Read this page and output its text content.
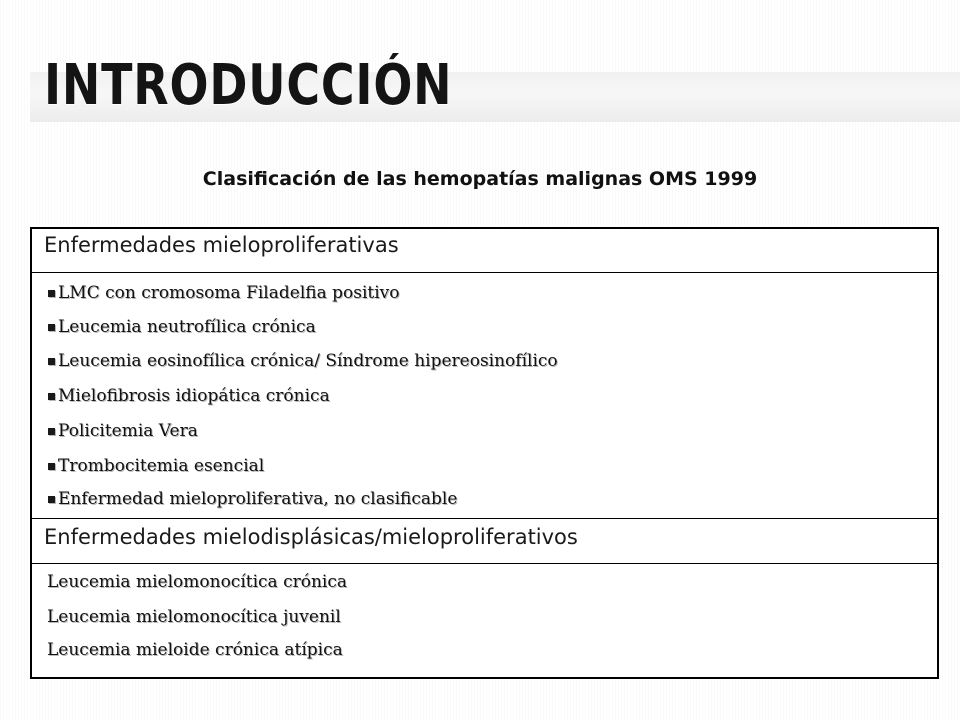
INTRODUCCIÓN
Clasificación de las hemopatías malignas OMS 1999
Enfermedades mieloproliferativas
LMC con cromosoma Filadelfia positivo
Leucemia neutrofílica crónica
Leucemia eosinofílica crónica/ Síndrome hipereosinofílico
Mielofibrosis idiopática crónica
Policitemia Vera
Trombocitemia esencial
Enfermedad mieloproliferativa, no clasificable
Enfermedades mielodisplásicas/mieloproliferativos
Leucemia mielomonocítica crónica
Leucemia mielomonocítica juvenil
Leucemia mieloide crónica atípica
